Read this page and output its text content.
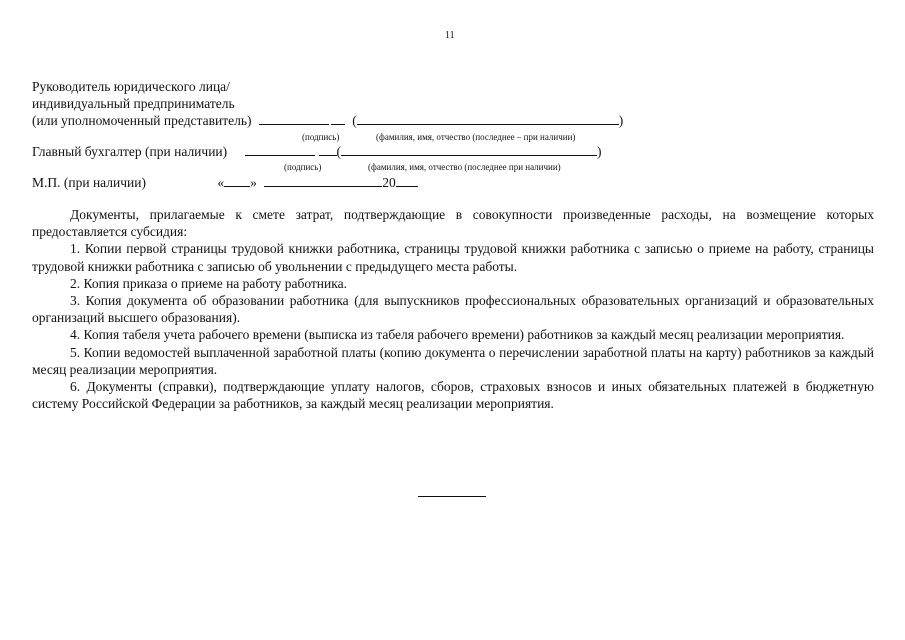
11
Руководитель юридического лица/
индивидуальный предприниматель
(или уполномоченный представитель)	(	)
(подпись)	(фамилия, имя, отчество (последнее – при наличии)
Главный бухгалтер (при наличии)	(	)
(подпись)	(фамилия, имя, отчество (последнее при наличии)
М.П. (при наличии)	« »	20

Документы, прилагаемые к смете затрат, подтверждающие в совокупности произведенные расходы, на возмещение которых предоставляется субсидия:

1. Копии первой страницы трудовой книжки работника, страницы трудовой книжки работника с записью о приеме на работу, страницы трудовой книжки работника с записью об увольнении с предыдущего места работы.

2. Копия приказа о приеме на работу работника.

3. Копия документа об образовании работника (для выпускников профессиональных образовательных организаций и образовательных организаций высшего образования).

4. Копия табеля учета рабочего времени (выписка из табеля рабочего времени) работников за каждый месяц реализации мероприятия.

5. Копии ведомостей выплаченной заработной платы (копию документа о перечислении заработной платы на карту) работников за каждый месяц реализации мероприятия.

6. Документы (справки), подтверждающие уплату налогов, сборов, страховых взносов и иных обязательных платежей в бюджетную систему Российской Федерации за работников, за каждый месяц реализации мероприятия.
